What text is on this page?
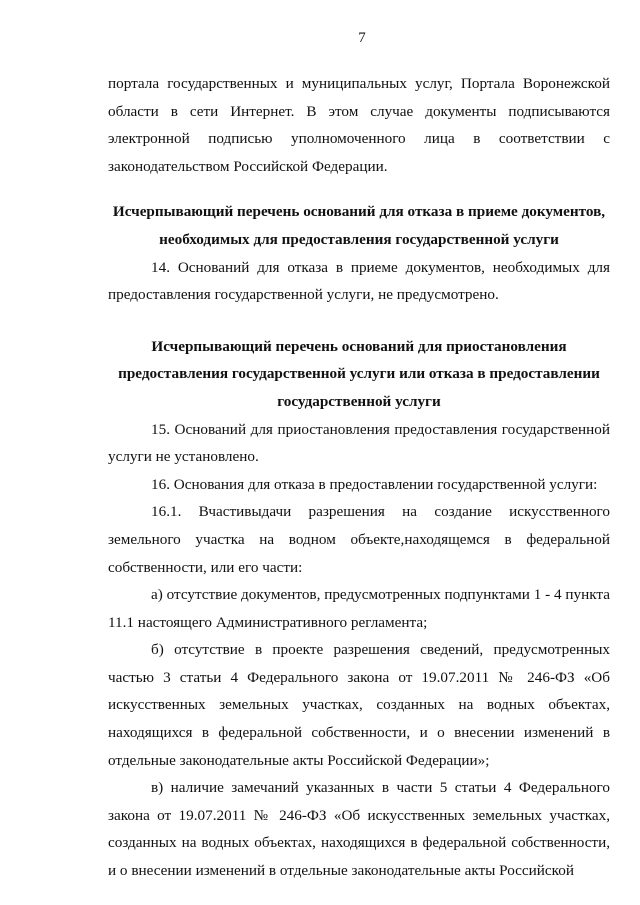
7

портала государственных и муниципальных услуг, Портала Воронежской области в сети Интернет. В этом случае документы подписываются электронной подписью уполномоченного лица в соответствии с законодательством Российской Федерации.

Исчерпывающий перечень оснований для отказа в приеме документов,

необходимых для предоставления государственной услуги

14. Оснований для отказа в приеме документов, необходимых для предоставления государственной услуги, не предусмотрено.

Исчерпывающий перечень оснований для приостановления

предоставления государственной услуги или отказа в предоставлении

государственной услуги

15. Оснований для приостановления предоставления государственной услуги не установлено.

16. Основания для отказа в предоставлении государственной услуги:

16.1. Вчастивыдачи разрешения на создание искусственного земельного участка на водном объекте,находящемся в федеральной собственности, или его части:

а) отсутствие документов, предусмотренных подпунктами 1 - 4 пункта 11.1 настоящего Административного регламента;

б) отсутствие в проекте разрешения сведений, предусмотренных частью 3 статьи 4 Федерального закона от 19.07.2011 № 246-ФЗ «Об искусственных земельных участках, созданных на водных объектах, находящихся в федеральной собственности, и о внесении изменений в отдельные законодательные акты Российской Федерации»;

в) наличие замечаний указанных в части 5 статьи 4 Федерального закона от 19.07.2011 № 246-ФЗ «Об искусственных земельных участках, созданных на водных объектах, находящихся в федеральной собственности, и о внесении изменений в отдельные законодательные акты Российской
